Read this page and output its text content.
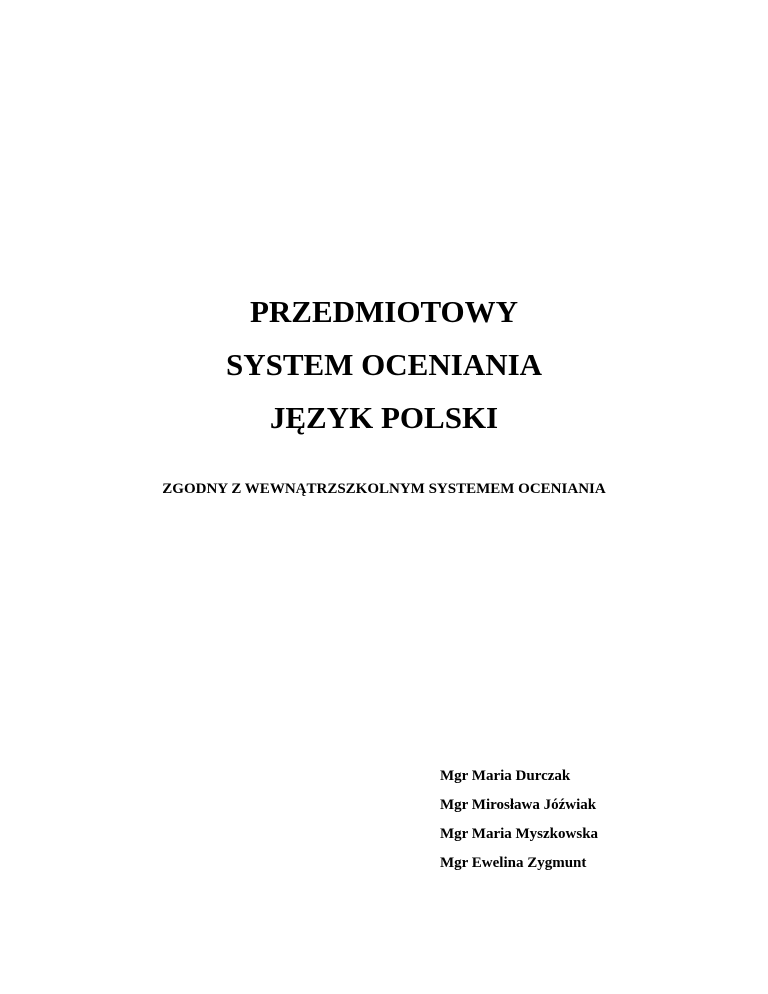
PRZEDMIOTOWY
SYSTEM OCENIANIA
JĘZYK POLSKI
ZGODNY Z WEWNĄTRZSZKOLNYM SYSTEMEM OCENIANIA
Mgr Maria Durczak
Mgr Mirosława Jóźwiak
Mgr Maria Myszkowska
Mgr Ewelina Zygmunt
